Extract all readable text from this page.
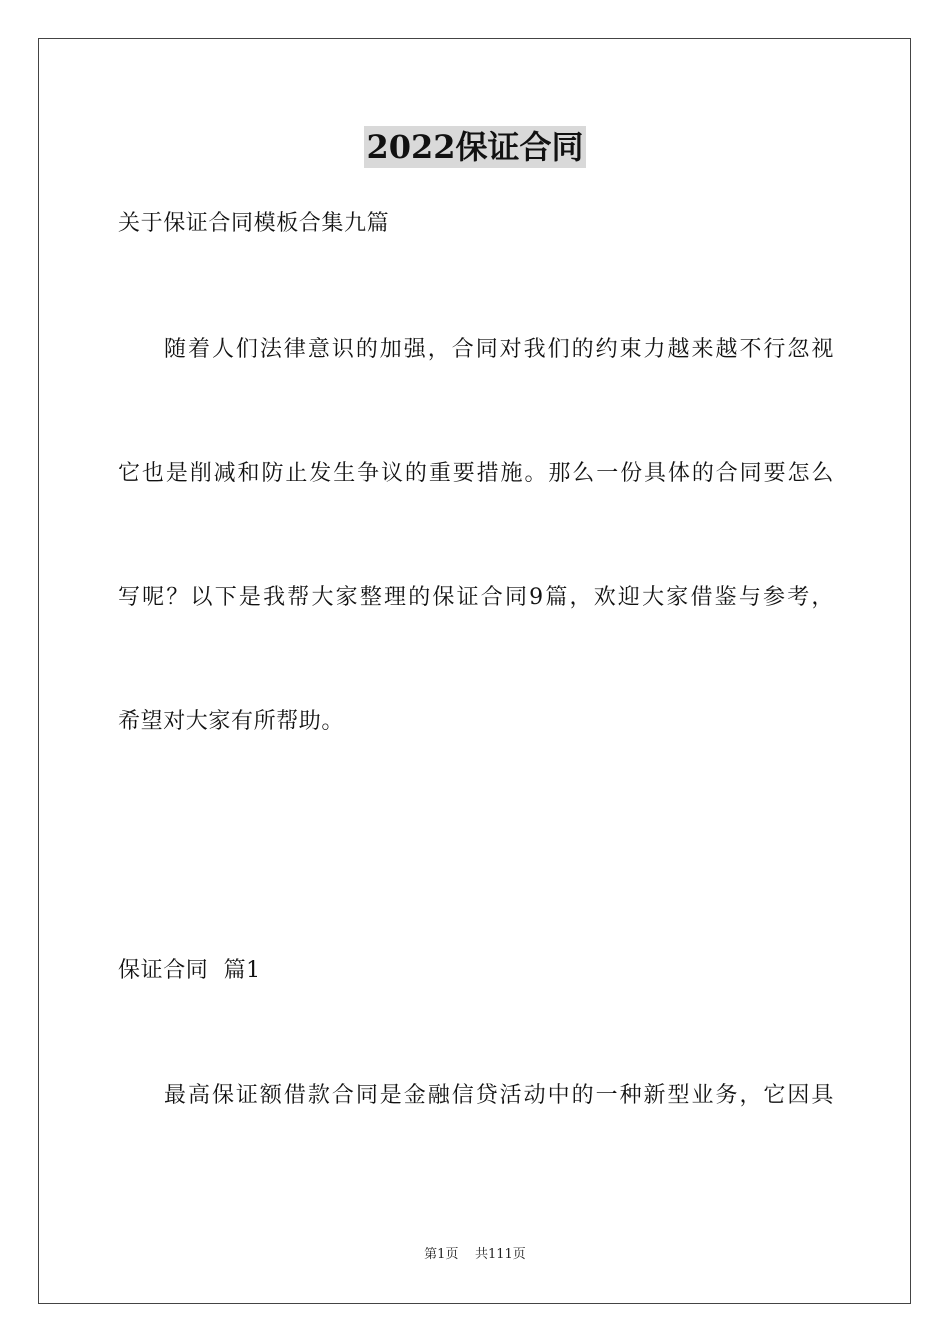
2022保证合同
关于保证合同模板合集九篇
随着人们法律意识的加强，合同对我们的约束力越来越不行忽视
它也是削减和防止发生争议的重要措施。那么一份具体的合同要怎么
写呢？以下是我帮大家整理的保证合同9篇，欢迎大家借鉴与参考，
希望对大家有所帮助。
保证合同  篇1
最高保证额借款合同是金融信贷活动中的一种新型业务，它因具
第1页 共111页
